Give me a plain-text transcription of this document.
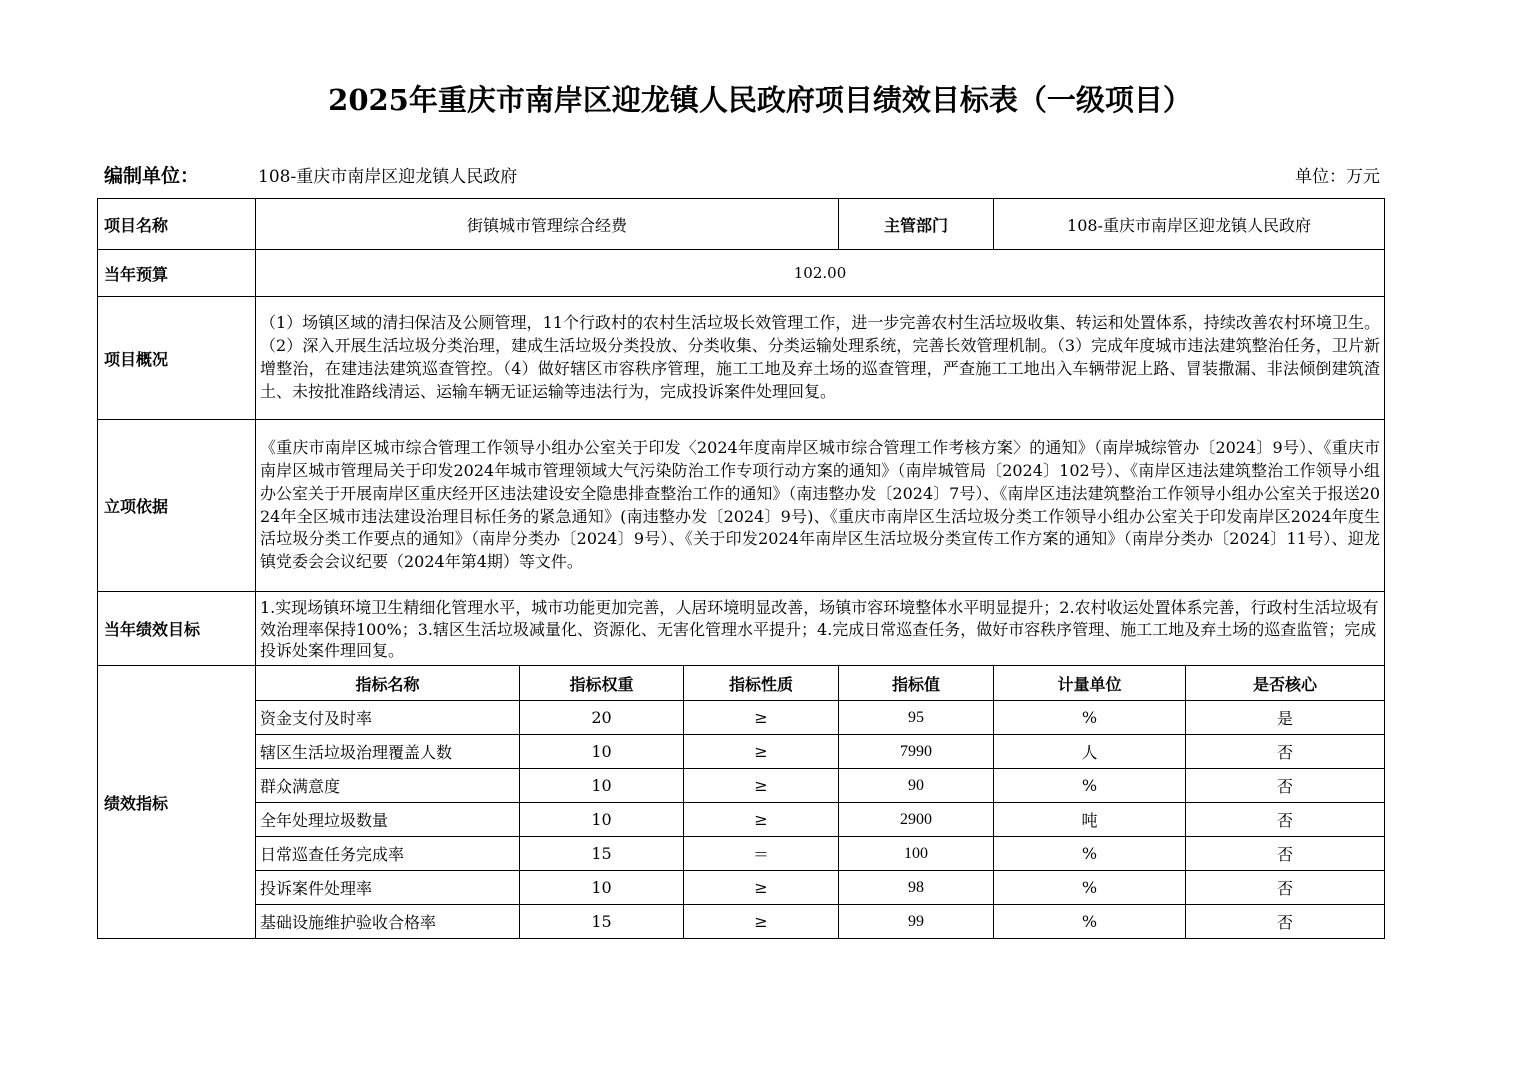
2025年重庆市南岸区迎龙镇人民政府项目绩效目标表（一级项目）
编制单位：	108-重庆市南岸区迎龙镇人民政府	单位：万元
项目名称	街镇城市管理综合经费			主管部门	108-重庆市南岸区迎龙镇人民政府	
当年预算	102.00					
项目概况	（1）场镇区域的清扫保洁及公厕管理，11个行政村的农村生活垃圾长效管理工作，进一步完善农村生活垃圾收集、转运和处置体系，持续改善农村环境卫生。（2）深入开展生活垃圾分类治理，建成生活垃圾分类投放、分类收集、分类运输处理系统，完善长效管理机制。（3）完成年度城市违法建筑整治任务，卫片新增整治，在建违法建筑巡查管控。（4）做好辖区市容秩序管理，施工工地及弃土场的巡查管理，严查施工工地出入车辆带泥上路、冒装撒漏、非法倾倒建筑渣土、未按批准路线清运、运输车辆无证运输等违法行为，完成投诉案件处理回复。					
立项依据	《重庆市南岸区城市综合管理工作领导小组办公室关于印发〈2024年度南岸区城市综合管理工作考核方案〉的通知》（南岸城综管办〔2024〕9号）、《重庆市南岸区城市管理局关于印发2024年城市管理领域大气污染防治工作专项行动方案的通知》（南岸城管局〔2024〕102号）、《南岸区违法建筑整治工作领导小组办公室关于开展南岸区重庆经开区违法建设安全隐患排查整治工作的通知》（南违整办发〔2024〕7号）、《南岸区违法建筑整治工作领导小组办公室关于报送2024年全区城市违法建设治理目标任务的紧急通知》(南违整办发〔2024〕9号)、《重庆市南岸区生活垃圾分类工作领导小组办公室关于印发南岸区2024年度生活垃圾分类工作要点的通知》（南岸分类办〔2024〕9号）、《关于印发2024年南岸区生活垃圾分类宣传工作方案的通知》（南岸分类办〔2024〕11号）、迎龙镇党委会会议纪要（2024年第4期）等文件。					
当年绩效目标	1.实现场镇环境卫生精细化管理水平，城市功能更加完善，人居环境明显改善，场镇市容环境整体水平明显提升；2.农村收运处置体系完善，行政村生活垃圾有效治理率保持100%；3.辖区生活垃圾减量化、资源化、无害化管理水平提升；4.完成日常巡查任务，做好市容秩序管理、施工工地及弃土场的巡查监管；完成投诉处案件理回复。					
绩效指标	指标名称	指标权重	指标性质	指标值	计量单位	是否核心
	资金支付及时率	20	≥	95	%	是
	辖区生活垃圾治理覆盖人数	10	≥	7990	人	否
	群众满意度	10	≥	90	%	否
	全年处理垃圾数量	10	≥	2900	吨	否
	日常巡查任务完成率	15	＝	100	%	否
	投诉案件处理率	10	≥	98	%	否
	基础设施维护验收合格率	15	≥	99	%	否
